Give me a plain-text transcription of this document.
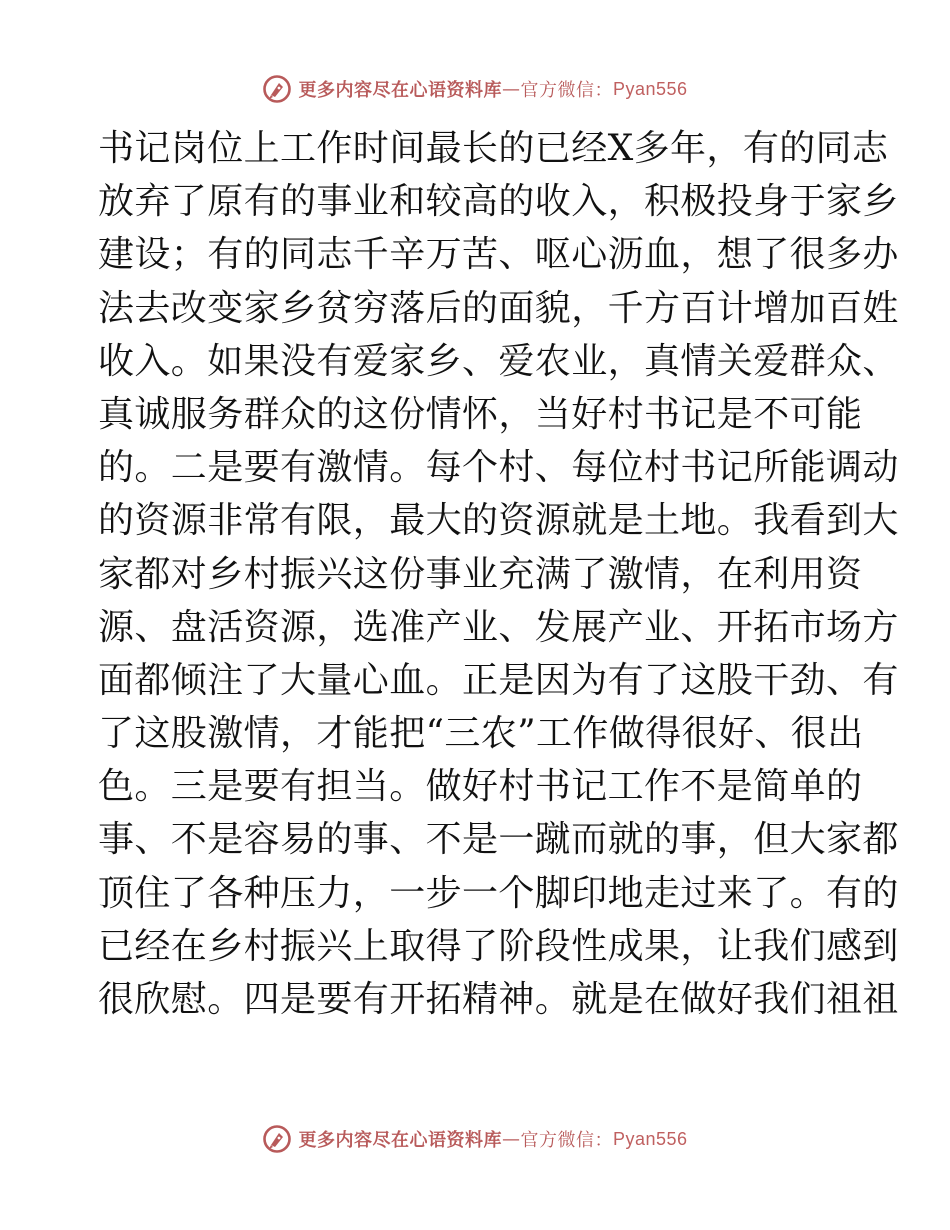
更多内容尽在心语资料库 — 官方微信： Pyan556
书记岗位上工作时间最长的已经X多年，有的同志
放弃了原有的事业和较高的收入，积极投身于家乡
建设；有的同志千辛万苦、呕心沥血，想了很多办
法去改变家乡贫穷落后的面貌，千方百计增加百姓
收入。如果没有爱家乡、爱农业，真情关爱群众、
真诚服务群众的这份情怀，当好村书记是不可能
的。二是要有激情。每个村、每位村书记所能调动
的资源非常有限，最大的资源就是土地。我看到大
家都对乡村振兴这份事业充满了激情，在利用资
源、盘活资源，选准产业、发展产业、开拓市场方
面都倾注了大量心血。正是因为有了这股干劲、有
了这股激情，才能把“三农”工作做得很好、很出
色。三是要有担当。做好村书记工作不是简单的
事、不是容易的事、不是一蹴而就的事，但大家都
顶住了各种压力，一步一个脚印地走过来了。有的
已经在乡村振兴上取得了阶段性成果，让我们感到
很欣慰。四是要有开拓精神。就是在做好我们祖祖
更多内容尽在心语资料库 — 官方微信： Pyan556
